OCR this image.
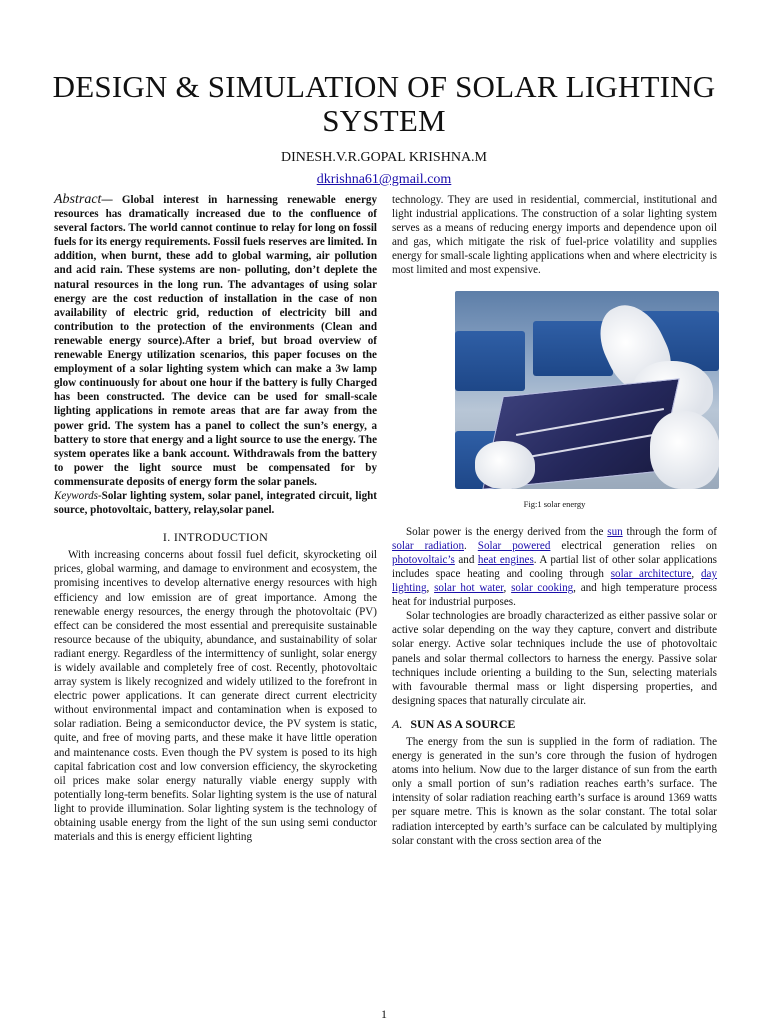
DESIGN & SIMULATION OF SOLAR LIGHTING SYSTEM
DINESH.V.R.GOPAL KRISHNA.M
dkrishna61@gmail.com

Abstract— Global interest in harnessing renewable energy resources has dramatically increased due to the confluence of several factors. The world cannot continue to relay for long on fossil fuels for its energy requirements. Fossil fuels reserves are limited. In addition, when burnt, these add to global warming, air pollution and acid rain. These systems are non- polluting, don’t deplete the natural resources in the long run. The advantages of using solar energy are the cost reduction of installation in the case of non availability of electric grid, reduction of electricity bill and contribution to the protection of the environments (Clean and renewable energy source).After a brief, but broad overview of renewable Energy utilization scenarios, this paper focuses on the employment of a solar lighting system which can make a 3w lamp glow continuously for about one hour if the battery is fully Charged has been constructed. The device can be used for small-scale lighting applications in remote areas that are far away from the power grid. The system has a panel to collect the sun’s energy, a battery to store that energy and a light source to use the energy. The system operates like a bank account. Withdrawals from the battery to power the light source must be compensated for by commensurate deposits of energy form the solar panels.

Keywords-Solar lighting system, solar panel, integrated circuit, light source, photovoltaic, battery, relay,solar panel.

I. INTRODUCTION

With increasing concerns about fossil fuel deficit, skyrocketing oil prices, global warming, and damage to environment and ecosystem, the promising incentives to develop alternative energy resources with high efficiency and low emission are of great importance. Among the renewable energy resources, the energy through the photovoltaic (PV) effect can be considered the most essential and prerequisite sustainable resource because of the ubiquity, abundance, and sustainability of solar radiant energy. Regardless of the intermittency of sunlight, solar energy is widely available and completely free of cost. Recently, photovoltaic array system is likely recognized and widely utilized to the forefront in electric power applications. It can generate direct current electricity without environmental impact and contamination when is exposed to solar radiation. Being a semiconductor device, the PV system is static, quite, and free of moving parts, and these make it have little operation and maintenance costs. Even though the PV system is posed to its high capital fabrication cost and low conversion efficiency, the skyrocketing oil prices make solar energy naturally viable energy supply with potentially long-term benefits. Solar lighting system is the use of natural light to provide illumination. Solar lighting system is the technology of obtaining usable energy from the light of the sun using semi conductor materials and this is energy efficient lighting

technology. They are used in residential, commercial, institutional and light industrial applications. The construction of a solar lighting system serves as a means of reducing energy imports and dependence upon oil and gas, which mitigate the risk of fuel-price volatility and supplies energy for small-scale lighting applications when and where electricity is most limited and most expensive.

Fig:1 solar energy

Solar power is the energy derived from the sun through the form of solar radiation. Solar powered electrical generation relies on photovoltaic’s and heat engines. A partial list of other solar applications includes space heating and cooling through solar architecture, day lighting, solar hot water, solar cooking, and high temperature process heat for industrial purposes.

Solar technologies are broadly characterized as either passive solar or active solar depending on the way they capture, convert and distribute solar energy. Active solar techniques include the use of photovoltaic panels and solar thermal collectors to harness the energy. Passive solar techniques include orienting a building to the Sun, selecting materials with favourable thermal mass or light dispersing properties, and designing spaces that naturally circulate air.

A. SUN AS A SOURCE

The energy from the sun is supplied in the form of radiation. The energy is generated in the sun’s core through the fusion of hydrogen atoms into helium. Now due to the larger distance of sun from the earth only a small portion of sun’s radiation reaches earth’s surface. The intensity of solar radiation reaching earth’s surface is around 1369 watts per square metre. This is known as the solar constant. The total solar radiation intercepted by earth’s surface can be calculated by multiplying solar constant with the cross section area of the

1
